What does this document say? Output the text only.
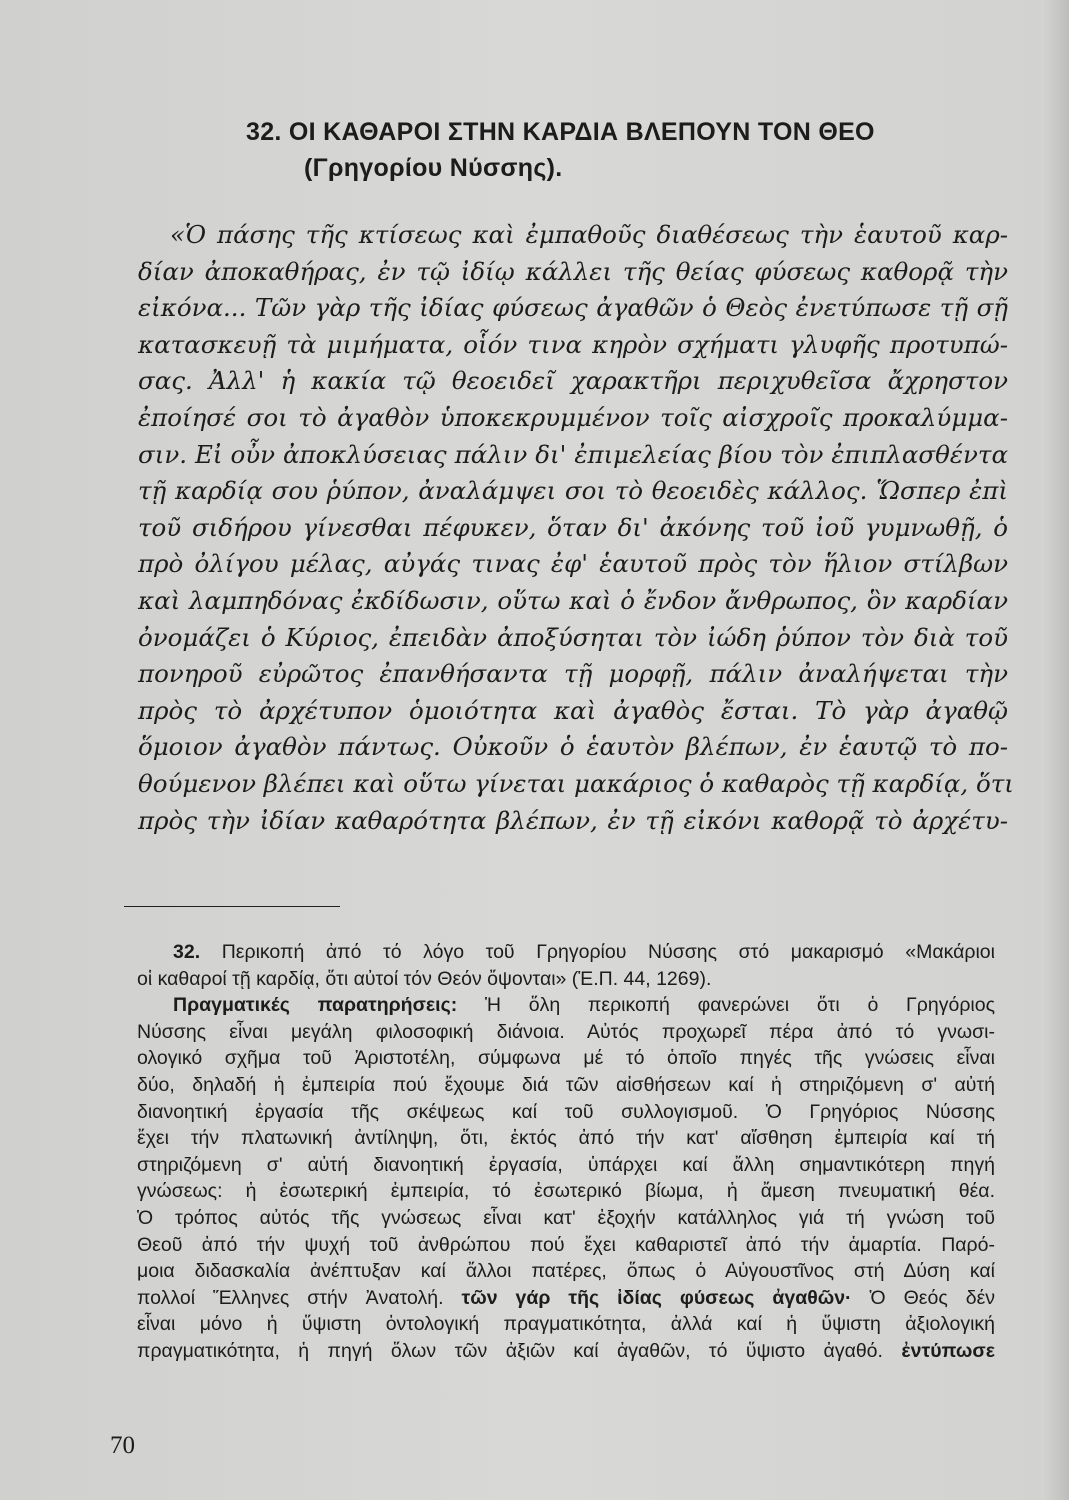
32. ΟΙ ΚΑΘΑΡΟΙ ΣΤΗΝ ΚΑΡΔΙΑ ΒΛΕΠΟΥΝ ΤΟΝ ΘΕΟ
(Γρηγορίου Νύσσης).
«Ὁ πάσης τῆς κτίσεως καὶ ἐμπαθοῦς διαθέσεως τὴν ἑαυτοῦ καρ-
δίαν ἀποκαθήρας, ἐν τῷ ἰδίῳ κάλλει τῆς θείας φύσεως καθορᾷ τὴν
εἰκόνα... Τῶν γὰρ τῆς ἰδίας φύσεως ἀγαθῶν ὁ Θεὸς ἐνετύπωσε τῇ σῇ
κατασκευῇ τὰ μιμήματα, οἷόν τινα κηρὸν σχήματι γλυφῆς προτυπώ-
σας. Ἀλλ' ἡ κακία τῷ θεοειδεῖ χαρακτῆρι περιχυθεῖσα ἄχρηστον
ἐποίησέ σοι τὸ ἀγαθὸν ὑποκεκρυμμένον τοῖς αἰσχροῖς προκαλύμμα-
σιν. Εἰ οὖν ἀποκλύσειας πάλιν δι' ἐπιμελείας βίου τὸν ἐπιπλασθέντα
τῇ καρδίᾳ σου ῥύπον, ἀναλάμψει σοι τὸ θεοειδὲς κάλλος. Ὥσπερ ἐπὶ
τοῦ σιδήρου γίνεσθαι πέφυκεν, ὅταν δι' ἀκόνης τοῦ ἰοῦ γυμνωθῇ, ὁ
πρὸ ὀλίγου μέλας, αὐγάς τινας ἐφ' ἑαυτοῦ πρὸς τὸν ἥλιον στίλβων
καὶ λαμπηδόνας ἐκδίδωσιν, οὕτω καὶ ὁ ἔνδον ἄνθρωπος, ὃν καρδίαν
ὀνομάζει ὁ Κύριος, ἐπειδὰν ἀποξύσηται τὸν ἰώδη ῥύπον τὸν διὰ τοῦ
πονηροῦ εὐρῶτος ἐπανθήσαντα τῇ μορφῇ, πάλιν ἀναλήψεται τὴν
πρὸς τὸ ἀρχέτυπον ὁμοιότητα καὶ ἀγαθὸς ἔσται. Τὸ γὰρ ἀγαθῷ
ὅμοιον ἀγαθὸν πάντως. Οὐκοῦν ὁ ἑαυτὸν βλέπων, ἐν ἑαυτῷ τὸ πο-
θούμενον βλέπει καὶ οὕτω γίνεται μακάριος ὁ καθαρὸς τῇ καρδίᾳ, ὅτι
πρὸς τὴν ἰδίαν καθαρότητα βλέπων, ἐν τῇ εἰκόνι καθορᾷ τὸ ἀρχέτυ-
32. Περικοπή ἀπό τό λόγο τοῦ Γρηγορίου Νύσσης στό μακαρισμό «Μακάριοι
οἱ καθαροί τῇ καρδίᾳ, ὅτι αὐτοί τόν Θεόν ὄψονται» (Ἑ.Π. 44, 1269).
Πραγματικές παρατηρήσεις: Ἡ ὅλη περικοπή φανερώνει ὅτι ὁ Γρηγόριος
Νύσσης εἶναι μεγάλη φιλοσοφική διάνοια. Αὐτός προχωρεῖ πέρα ἀπό τό γνωσι-
ολογικό σχῆμα τοῦ Ἀριστοτέλη, σύμφωνα μέ τό ὁποῖο πηγές τῆς γνώσεις εἶναι
δύο, δηλαδή ἡ ἐμπειρία πού ἔχουμε διά τῶν αἰσθήσεων καί ἡ στηριζόμενη σ' αὐτή
διανοητική ἐργασία τῆς σκέψεως καί τοῦ συλλογισμοῦ. Ὁ Γρηγόριος Νύσσης
ἔχει τήν πλατωνική ἀντίληψη, ὅτι, ἐκτός ἀπό τήν κατ' αἴσθηση ἐμπειρία καί τή
στηριζόμενη σ' αὐτή διανοητική ἐργασία, ὑπάρχει καί ἄλλη σημαντικότερη πηγή
γνώσεως: ἡ ἐσωτερική ἐμπειρία, τό ἐσωτερικό βίωμα, ἡ ἄμεση πνευματική θέα.
Ὁ τρόπος αὐτός τῆς γνώσεως εἶναι κατ' ἐξοχήν κατάλληλος γιά τή γνώση τοῦ
Θεοῦ ἀπό τήν ψυχή τοῦ ἀνθρώπου πού ἔχει καθαριστεῖ ἀπό τήν ἁμαρτία. Παρό-
μοια διδασκαλία ἀνέπτυξαν καί ἄλλοι πατέρες, ὅπως ὁ Αὐγουστῖνος στή Δύση καί
πολλοί Ἕλληνες στήν Ἀνατολή. τῶν γάρ τῆς ἰδίας φύσεως ἀγαθῶν· Ὁ Θεός δέν
εἶναι μόνο ἡ ὕψιστη ὀντολογική πραγματικότητα, ἀλλά καί ἡ ὕψιστη ἀξιολογική
πραγματικότητα, ἡ πηγή ὅλων τῶν ἀξιῶν καί ἀγαθῶν, τό ὕψιστο ἀγαθό. ἐντύπωσε
70
